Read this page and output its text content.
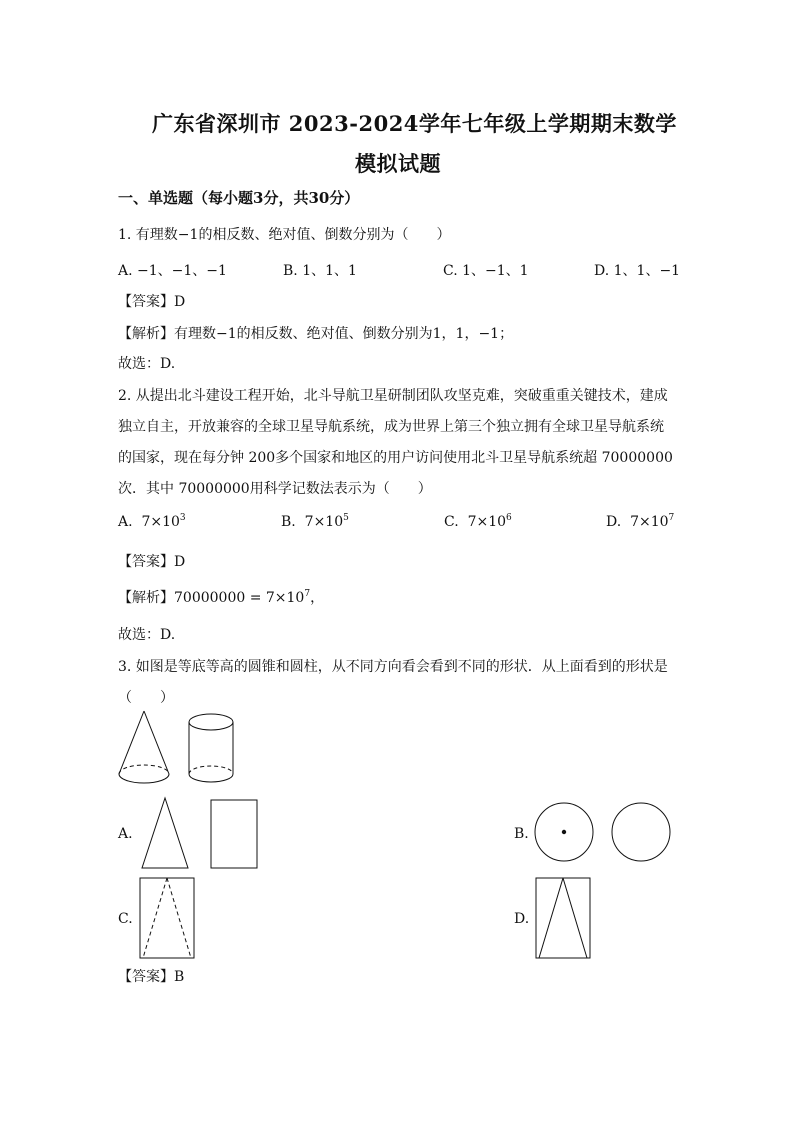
广东省深圳市 2023-2024学年七年级上学期期末数学
模拟试题
一、单选题（每小题3分，共30分）
1. 有理数−1的相反数、绝对值、倒数分别为（　　）
A. −1、−1、−1	B. 1、1、1	C. 1、−1、1	D. 1、1、−1
【答案】D
【解析】有理数−1的相反数、绝对值、倒数分别为1，1，−1；
故选：D.
2. 从提出北斗建设工程开始，北斗导航卫星研制团队攻坚克难，突破重重关键技术，建成
独立自主，开放兼容的全球卫星导航系统，成为世界上第三个独立拥有全球卫星导航系统
的国家，现在每分钟 200多个国家和地区的用户访问使用北斗卫星导航系统超 70000000
次．其中 70000000用科学记数法表示为（　　）
A. $7\times 10^3$	B. $7\times 10^5$	C. $7\times 10^6$	D. $7\times 10^7$
【答案】D
【解析】$70000000 = 7\times 10^7$，
故选：D.
3. 如图是等底等高的圆锥和圆柱，从不同方向看会看到不同的形状．从上面看到的形状是
（　　）
A.	B.
C.	D.
【答案】B
